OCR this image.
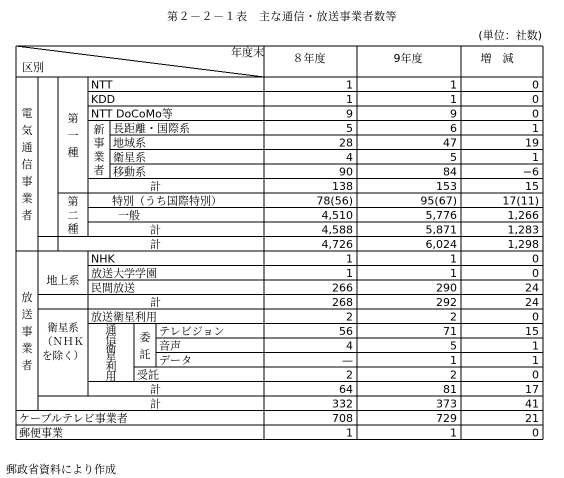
第２－２－１表　主な通信・放送事業者数等
(単位：社数)
年度末
区別
８年度	9年度	増　減
電
気
通
信
事
業
者
第
一
種
新
事
業
者
第
二
種
放
送
事
業
者
通
信
衛
星
利
用
委
託
地上系
衛星系
（ＮＨＫ
を除く）
NTT	1	1	0
KDD	1	1	0
NTT DoCoMo等	9	9	0
長距離・国際系	5	6	1
地域系	28	47	19
衛星系	4	5	1
移動系	90	84	−6
計	138	153	15
特別（うち国際特別）	78(56)	95(67)	17(11)
一般	4,510	5,776	1,266
計	4,588	5,871	1,283
計	4,726	6,024	1,298
NHK	1	1	0
放送大学学園	1	1	0
民間放送	266	290	24
計	268	292	24
放送衛星利用	2	2	0
テレビジョン	56	71	15
音声	4	5	1
データ	—	1	1
受託	2	2	0
計	64	81	17
計	332	373	41
ケーブルテレビ事業者	708	729	21
郵便事業	1	1	0
郵政省資料により作成
